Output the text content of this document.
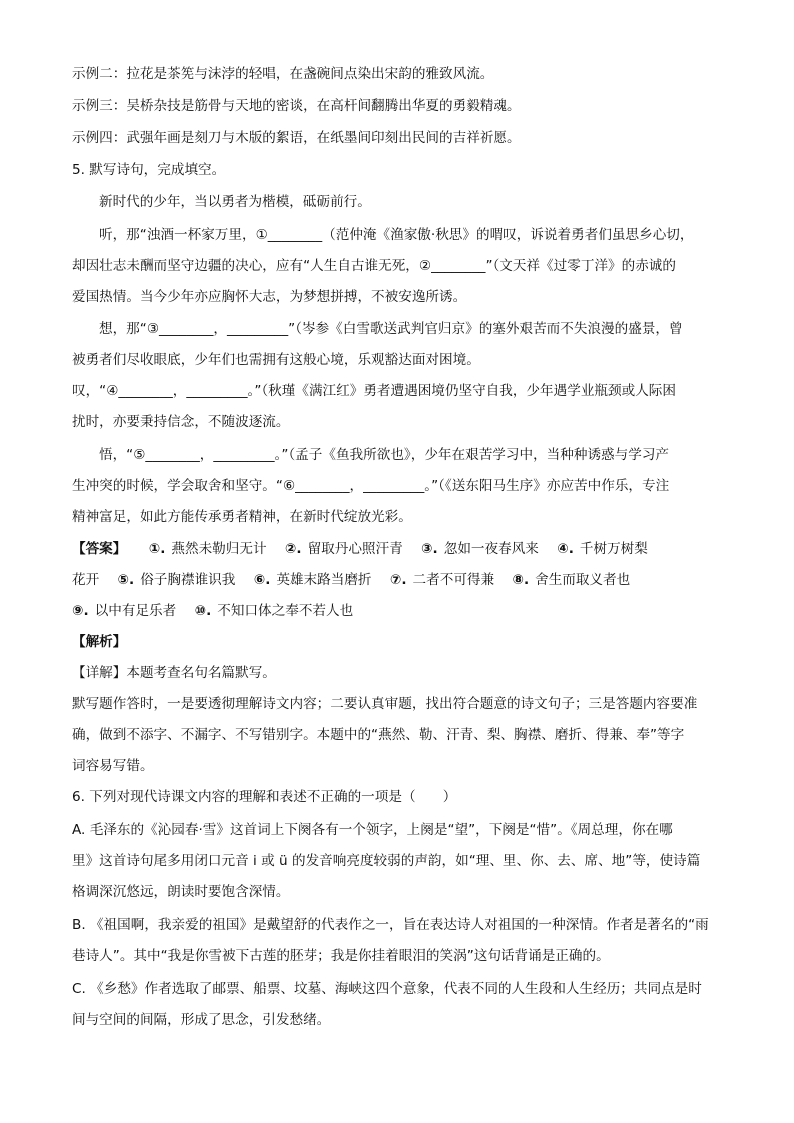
示例二：拉花是茶筅与沫浡的轻唱，在盏碗间点染出宋韵的雅致风流。
示例三：吴桥杂技是筋骨与天地的密谈，在高杆间翻腾出华夏的勇毅精魂。
示例四：武强年画是刻刀与木版的絮语，在纸墨间印刻出民间的吉祥祈愿。
5. 默写诗句，完成填空。
新时代的少年，当以勇者为楷模，砥砺前行。
听，那“浊酒一杯家万里，①________（范仲淹《渔家傲·秋思》的喟叹，诉说着勇者们虽思乡心切，
却因壮志未酬而坚守边疆的决心，应有“人生自古谁无死，②________”（文天祥《过零丁洋》的赤诚的
爱国热情。当今少年亦应胸怀大志，为梦想拼搏，不被安逸所诱。
想，那“③________，_________”（岑参《白雪歌送武判官归京》的塞外艰苦而不失浪漫的盛景，曾
被勇者们尽收眼底，少年们也需拥有这般心境，乐观豁达面对困境。
叹，“④________，_________。”（秋瑾《满江红》勇者遭遇困境仍坚守自我，少年遇学业瓶颈或人际困
扰时，亦要秉持信念，不随波逐流。
悟，“⑤________，_________。”（孟子《鱼我所欲也》，少年在艰苦学习中，当种种诱惑与学习产
生冲突的时候，学会取舍和坚守。“⑥________，_________。”（《送东阳马生序》亦应苦中作乐，专注
精神富足，如此方能传承勇者精神，在新时代绽放光彩。
【答案】 ①. 燕然未勒归无计 ②. 留取丹心照汗青 ③. 忽如一夜春风来 ④. 千树万树梨
花开 ⑤. 俗子胸襟谁识我 ⑥. 英雄末路当磨折 ⑦. 二者不可得兼 ⑧. 舍生而取义者也
⑨. 以中有足乐者 ⑩. 不知口体之奉不若人也
【解析】
【详解】本题考查名句名篇默写。
默写题作答时，一是要透彻理解诗文内容；二要认真审题，找出符合题意的诗文句子；三是答题内容要准
确，做到不添字、不漏字、不写错别字。本题中的“燕然、勒、汗青、梨、胸襟、磨折、得兼、奉”等字
词容易写错。
6. 下列对现代诗课文内容的理解和表述不正确的一项是（　　）
A. 毛泽东的《沁园春·雪》这首词上下阕各有一个领字，上阕是“望”，下阕是“惜”。《周总理，你在哪
里》这首诗句尾多用闭口元音 i 或 ü 的发音响亮度较弱的声韵，如“理、里、你、去、席、地”等，使诗篇
格调深沉悠远，朗读时要饱含深情。
B. 《祖国啊，我亲爱的祖国》是戴望舒的代表作之一，旨在表达诗人对祖国的一种深情。作者是著名的“雨
巷诗人”。其中“我是你雪被下古莲的胚芽；我是你挂着眼泪的笑涡”这句话背诵是正确的。
C. 《乡愁》作者选取了邮票、船票、坟墓、海峡这四个意象，代表不同的人生段和人生经历；共同点是时
间与空间的间隔，形成了思念，引发愁绪。
